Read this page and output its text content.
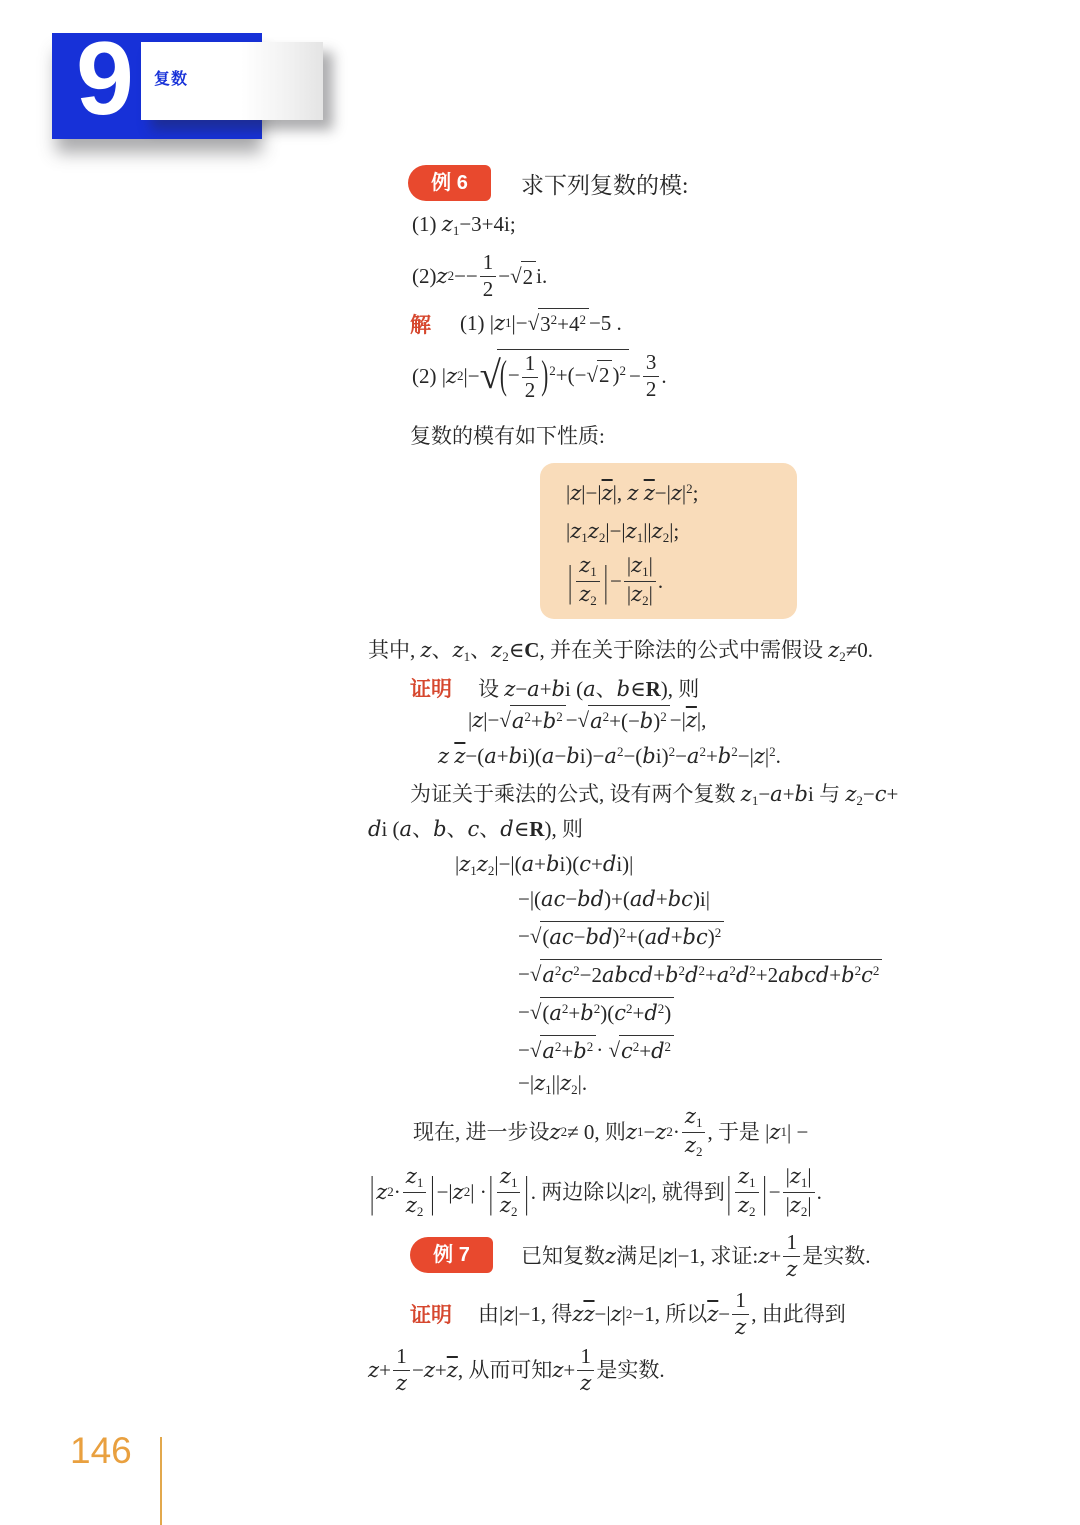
9 复数
例 6	求下列复数的模:
(1) $z_1-3+4i$;
(2) z 2 −−
1
2
−√ 2 i.
解 (1) | z 1 |−√ $3^2+4^2 -5$ .
(2) | z 2 |− √ (− $\frac{1}{2} )^2+(-√2$ )$^2$ −
3
2
.
复数的模有如下性质:
$|z|-|\overline{z}|$, z $\overline{z}-|z|^2$;
$|z_1z_2|-|z_1||z_2|$;
| $z_1$
$z_2$ | −
$|z_1|$
$|z_2|$
.
其中, z、$z_1$、$z_2\in C$, 并在关于除法的公式中需假设 $z_2\ne 0$.
证明 设 z−a+bi (a、b∈R), 则
| z |−√ $a^2+b^2$ −√ $a^2+(-b)^2$ −| $\overline{z}$ |,
z $\overline{z}-(a+bi)(a-bi)-a^2-(bi)^2-a^2+b^2-|z|^2$.
为证关于乘法的公式, 设有两个复数 $z_1-a+bi$ 与 $z_2-c+$
di (a、b、c、d∈R), 则
$|z_1z_2|-|(a+bi)(c+di)|$
−|(ac−bd)+(ad+bc)i|
−√ $(ac-bd)^2+(ad+bc)^2$
−√ $a^2c^2-2abcd+b^2d^2+a^2d^2+2abcd+b^2c^2$
−√ $(a^2+b^2)(c^2+d^2)$
−√ $a^2+b^2$ · √ $c^2+d^2$
$-|z_1||z_2|$.
现在, 进一步设 z 2 ≠ 0, 则 z 1 − z 2 ·
$z_1$
$z_2$
, 于是 | z 1 | −
| z 2 ·
$z_1$
$z_2$ | −| z 2 | · | $z_1$
$z_2$ | . 两边除以| z 2 |, 就得到 | $z_1$
$z_2$ | −
$|z_1|$
$|z_2|$
.
例 7	已知复数 z 满足| z |−1, 求证: z +
1
z
是实数.
证明 由| z |−1, 得 z $\overline{z}$ −| z | 2 −1, 所以 $\overline{z}$ −
1
z
, 由此得到
z +
1
z
− $z + \overline{z}$ , 从而可知 z +
1
z
是实数.
146
